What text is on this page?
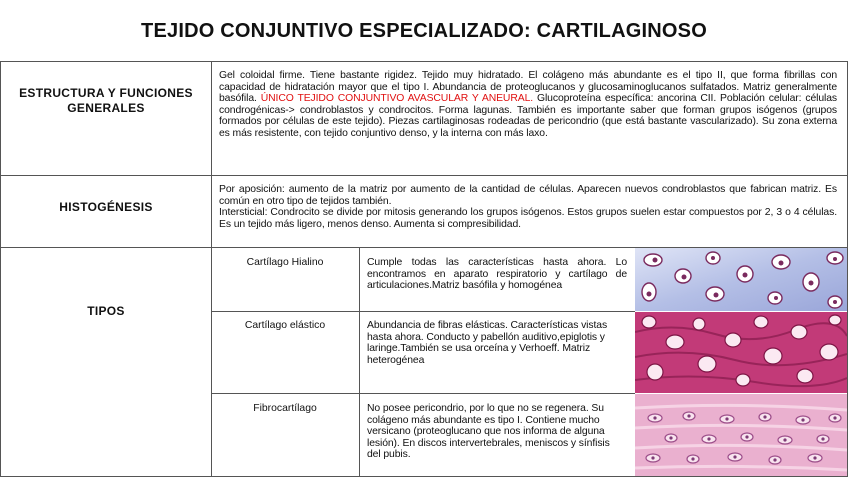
TEJIDO CONJUNTIVO ESPECIALIZADO: CARTILAGINOSO
ESTRUCTURA Y FUNCIONES
GENERALES

Gel coloidal firme. Tiene bastante rigidez. Tejido muy hidratado. El colágeno más abundante es el tipo II, que forma fibrillas con capacidad de hidratación mayor que el tipo I. Abundancia de proteoglucanos y glucosaminoglucanos sulfatados. Matriz generalmente basófila. ÚNICO TEJIDO CONJUNTIVO AVASCULAR Y ANEURAL. Glucoproteína específica: ancorina CII. Población celular: células condrogénicas-> condroblastos y condrocitos. Forma lagunas. También es importante saber que forman grupos isógenos (grupos formados por células de este tejido). Piezas cartilaginosas rodeadas de pericondrio (que está bastante vascularizado). Su zona externa es más resistente, con tejido conjuntivo denso, y la interna con más laxo.

HISTOGÉNESIS

Por aposición: aumento de la matriz por aumento de la cantidad de células. Aparecen nuevos condroblastos que fabrican matriz. Es común en otro tipo de tejidos también.

Intersticial: Condrocito se divide por mitosis generando los grupos isógenos. Estos grupos suelen estar compuestos por 2, 3 o 4 células. Es un tejido más ligero, menos denso. Aumenta si compresibilidad.

TIPOS
Cartílago Hialino	Cumple todas las características hasta ahora. Lo encontramos en aparato respiratorio y cartílago de articulaciones.Matriz basófila y homogénea
Cartílago elástico	Abundancia de fibras elásticas. Características vistas hasta ahora. Conducto y pabellón auditivo,epiglotis y laringe.También se usa orceína y Verhoeff. Matriz heterogénea
Fibrocartílago	No posee pericondrio, por lo que no se regenera. Su colágeno más abundante es tipo I. Contiene mucho versicano (proteoglucano que nos informa de alguna lesión). En discos intervertebrales, meniscos y sínfisis del pubis.
